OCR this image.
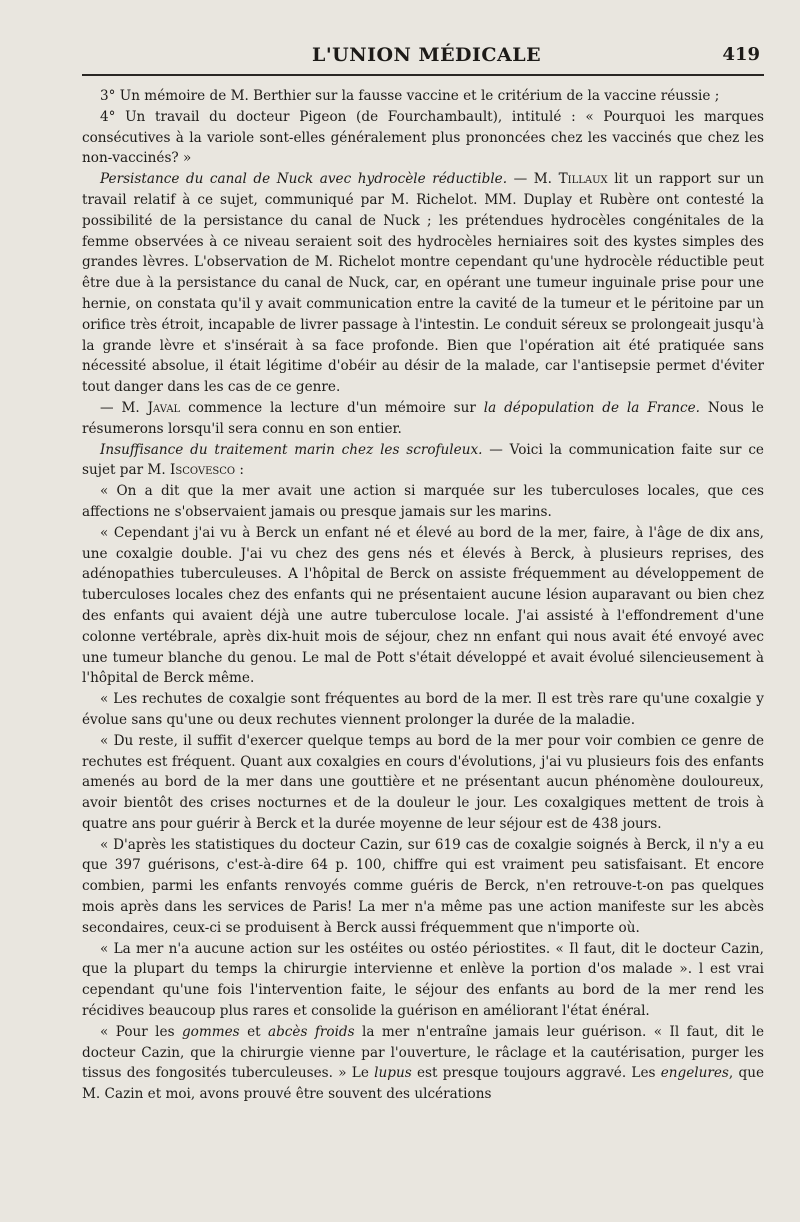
L'UNION MÉDICALE	419

3° Un mémoire de M. Berthier sur la fausse vaccine et le critérium de la vaccine réussie ;

4° Un travail du docteur Pigeon (de Fourchambault), intitulé : « Pourquoi les marques consécutives à la variole sont-elles généralement plus prononcées chez les vaccinés que chez les non-vaccinés? »

Persistance du canal de Nuck avec hydrocèle réductible. — M. Tillaux lit un rapport sur un travail relatif à ce sujet, communiqué par M. Richelot. MM. Duplay et Rubère ont contesté la possibilité de la persistance du canal de Nuck ; les prétendues hydrocèles congénitales de la femme observées à ce niveau seraient soit des hydrocèles herniaires soit des kystes simples des grandes lèvres. L'observation de M. Richelot montre cependant qu'une hydrocèle réductible peut être due à la persistance du canal de Nuck, car, en opérant une tumeur inguinale prise pour une hernie, on constata qu'il y avait communication entre la cavité de la tumeur et le péritoine par un orifice très étroit, incapable de livrer passage à l'intestin. Le conduit séreux se prolongeait jusqu'à la grande lèvre et s'insérait à sa face profonde. Bien que l'opération ait été pratiquée sans nécessité absolue, il était légitime d'obéir au désir de la malade, car l'antisepsie permet d'éviter tout danger dans les cas de ce genre.

— M. Javal commence la lecture d'un mémoire sur la dépopulation de la France. Nous le résumerons lorsqu'il sera connu en son entier.

Insuffisance du traitement marin chez les scrofuleux. — Voici la communication faite sur ce sujet par M. Iscovesco :

« On a dit que la mer avait une action si marquée sur les tuberculoses locales, que ces affections ne s'observaient jamais ou presque jamais sur les marins.

« Cependant j'ai vu à Berck un enfant né et élevé au bord de la mer, faire, à l'âge de dix ans, une coxalgie double. J'ai vu chez des gens nés et élevés à Berck, à plusieurs reprises, des adénopathies tuberculeuses. A l'hôpital de Berck on assiste fréquemment au développement de tuberculoses locales chez des enfants qui ne présentaient aucune lésion auparavant ou bien chez des enfants qui avaient déjà une autre tuberculose locale. J'ai assisté à l'effondrement d'une colonne vertébrale, après dix-huit mois de séjour, chez nn enfant qui nous avait été envoyé avec une tumeur blanche du genou. Le mal de Pott s'était développé et avait évolué silencieusement à l'hôpital de Berck même.

« Les rechutes de coxalgie sont fréquentes au bord de la mer. Il est très rare qu'une coxalgie y évolue sans qu'une ou deux rechutes viennent prolonger la durée de la maladie.

« Du reste, il suffit d'exercer quelque temps au bord de la mer pour voir combien ce genre de rechutes est fréquent. Quant aux coxalgies en cours d'évolutions, j'ai vu plusieurs fois des enfants amenés au bord de la mer dans une gouttière et ne présentant aucun phénomène douloureux, avoir bientôt des crises nocturnes et de la douleur le jour. Les coxalgiques mettent de trois à quatre ans pour guérir à Berck et la durée moyenne de leur séjour est de 438 jours.

« D'après les statistiques du docteur Cazin, sur 619 cas de coxalgie soignés à Berck, il n'y a eu que 397 guérisons, c'est-à-dire 64 p. 100, chiffre qui est vraiment peu satisfaisant. Et encore combien, parmi les enfants renvoyés comme guéris de Berck, n'en retrouve-t-on pas quelques mois après dans les services de Paris! La mer n'a même pas une action manifeste sur les abcès secondaires, ceux-ci se produisent à Berck aussi fréquemment que n'importe où.

« La mer n'a aucune action sur les ostéites ou ostéo périostites. « Il faut, dit le docteur Cazin, que la plupart du temps la chirurgie intervienne et enlève la portion d'os malade ». l est vrai cependant qu'une fois l'intervention faite, le séjour des enfants au bord de la mer rend les récidives beaucoup plus rares et consolide la guérison en améliorant l'état énéral.

« Pour les gommes et abcès froids la mer n'entraîne jamais leur guérison. « Il faut, dit le docteur Cazin, que la chirurgie vienne par l'ouverture, le râclage et la cautérisation, purger les tissus des fongosités tuberculeuses. » Le lupus est presque toujours aggravé. Les engelures, que M. Cazin et moi, avons prouvé être souvent des ulcérations
